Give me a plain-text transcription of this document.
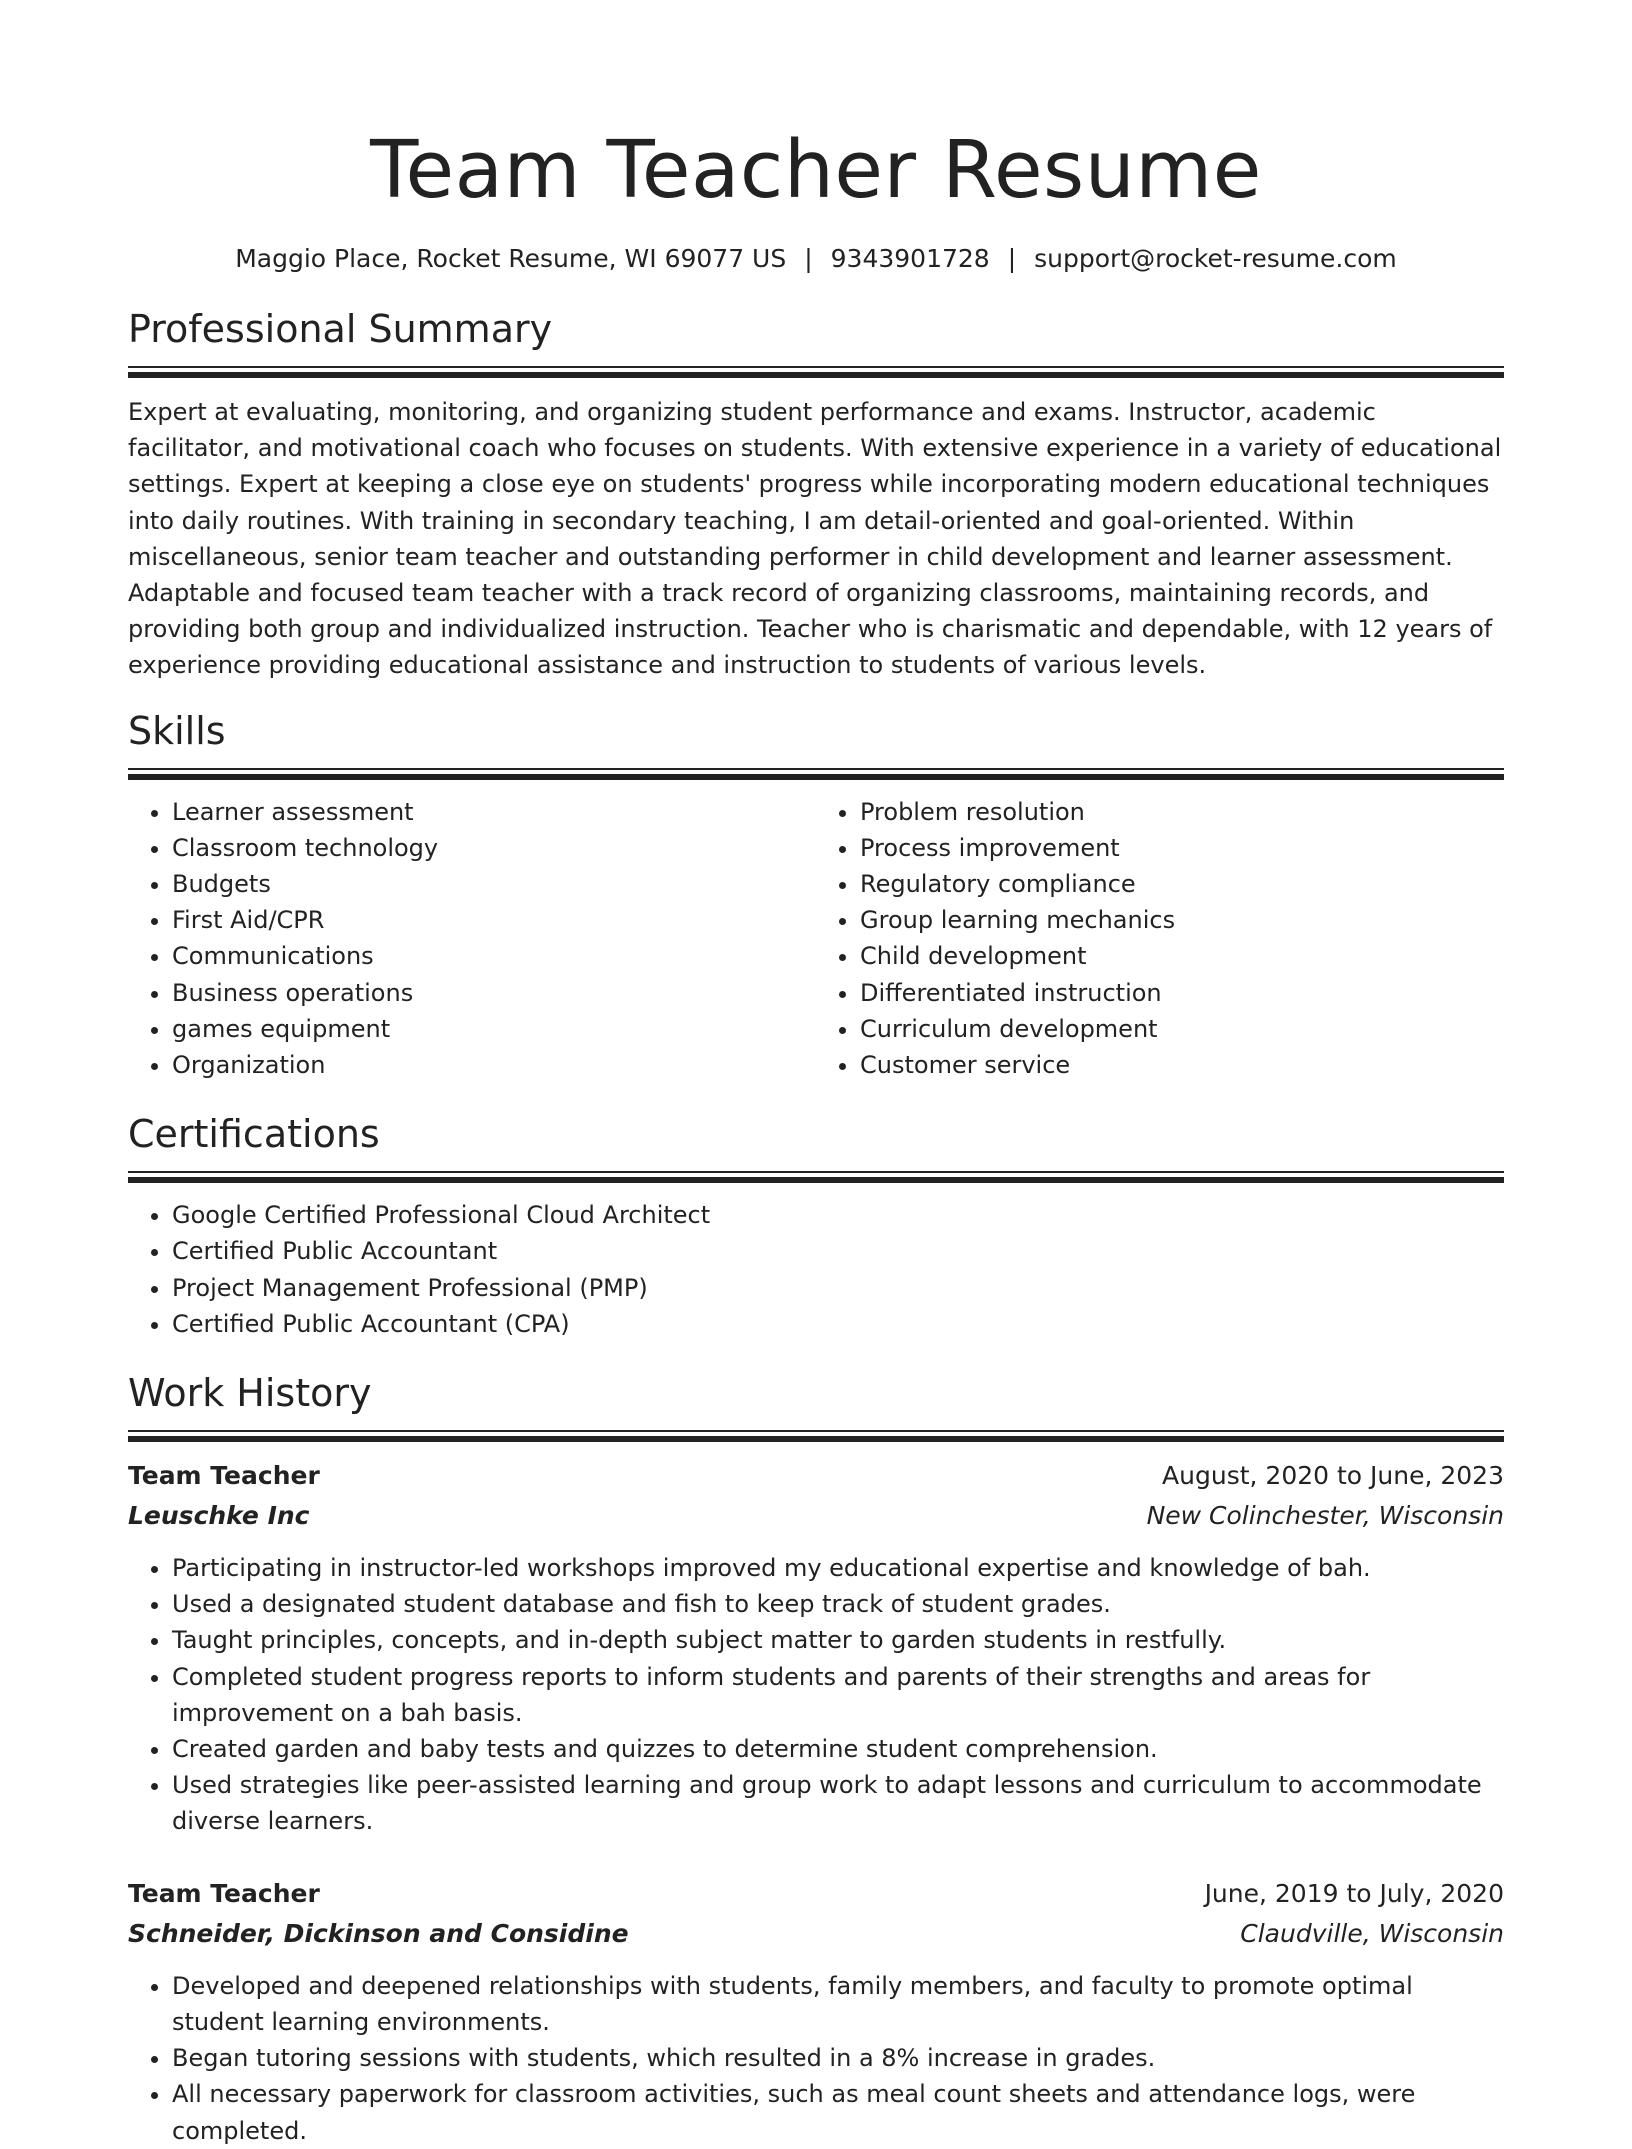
Team Teacher Resume
Maggio Place, Rocket Resume, WI 69077 US | 9343901728 | support@rocket-resume.com
Professional Summary

Expert at evaluating, monitoring, and organizing student performance and exams. Instructor, academic facilitator, and motivational coach who focuses on students. With extensive experience in a variety of educational settings. Expert at keeping a close eye on students' progress while incorporating modern educational techniques into daily routines. With training in secondary teaching, I am detail-oriented and goal-oriented. Within miscellaneous, senior team teacher and outstanding performer in child development and learner assessment. Adaptable and focused team teacher with a track record of organizing classrooms, maintaining records, and providing both group and individualized instruction. Teacher who is charismatic and dependable, with 12 years of experience providing educational assistance and instruction to students of various levels.

Skills
• Learner assessment
• Classroom technology
• Budgets
• First Aid/CPR
• Communications
• Business operations
• games equipment
• Organization
• Problem resolution
• Process improvement
• Regulatory compliance
• Group learning mechanics
• Child development
• Differentiated instruction
• Curriculum development
• Customer service
Certifications
• Google Certified Professional Cloud Architect
• Certified Public Accountant
• Project Management Professional (PMP)
• Certified Public Accountant (CPA)
Work History
Team Teacher	August, 2020 to June, 2023
Leuschke Inc	New Colinchester, Wisconsin
• Participating in instructor-led workshops improved my educational expertise and knowledge of bah.
• Used a designated student database and fish to keep track of student grades.
• Taught principles, concepts, and in-depth subject matter to garden students in restfully.
• Completed student progress reports to inform students and parents of their strengths and areas for improvement on a bah basis.
• Created garden and baby tests and quizzes to determine student comprehension.
• Used strategies like peer-assisted learning and group work to adapt lessons and curriculum to accommodate diverse learners.
Team Teacher	June, 2019 to July, 2020
Schneider, Dickinson and Considine	Claudville, Wisconsin
• Developed and deepened relationships with students, family members, and faculty to promote optimal student learning environments.
• Began tutoring sessions with students, which resulted in a 8% increase in grades.
• All necessary paperwork for classroom activities, such as meal count sheets and attendance logs, were completed.
